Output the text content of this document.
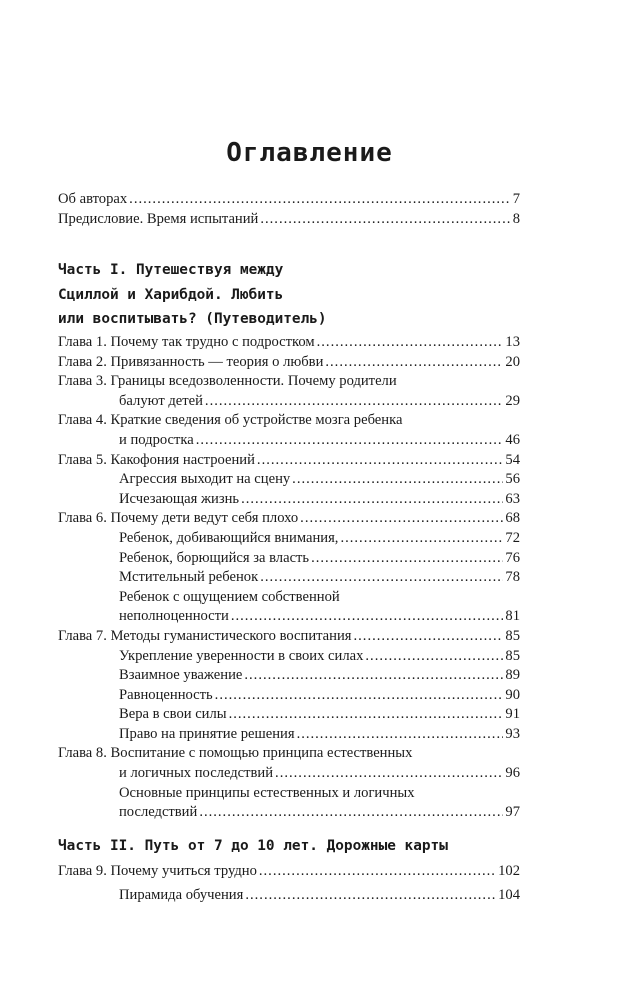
Оглавление
Об авторах .....	7
Предисловие. Время испытаний .....	8
Часть I. Путешествуя между
Сциллой и Харибдой. Любить
или воспитывать? (Путеводитель)
Глава 1. Почему так трудно с подростком .....	13
Глава 2. Привязанность — теория о любви .....	20
Глава 3. Границы вседозволенности. Почему родители
балуют детей .....	29
Глава 4. Краткие сведения об устройстве мозга ребенка
и подростка .....	46
Глава 5. Какофония настроений .....	54
Агрессия выходит на сцену .....	56
Исчезающая жизнь .....	63
Глава 6. Почему дети ведут себя плохо .....	68
Ребенок, добивающийся внимания, .....	72
Ребенок, борющийся за власть .....	76
Мстительный ребенок .....	78
Ребенок с ощущением собственной
неполноценности .....	81
Глава 7. Методы гуманистического воспитания .....	85
Укрепление уверенности в своих силах .....	85
Взаимное уважение .....	89
Равноценность .....	90
Вера в свои силы .....	91
Право на принятие решения .....	93
Глава 8. Воспитание с помощью принципа естественных
и логичных последствий .....	96
Основные принципы естественных и логичных
последствий .....	97
Часть II. Путь от 7 до 10 лет. Дорожные карты
Глава 9. Почему учиться трудно .....	102
Пирамида обучения .....	104
